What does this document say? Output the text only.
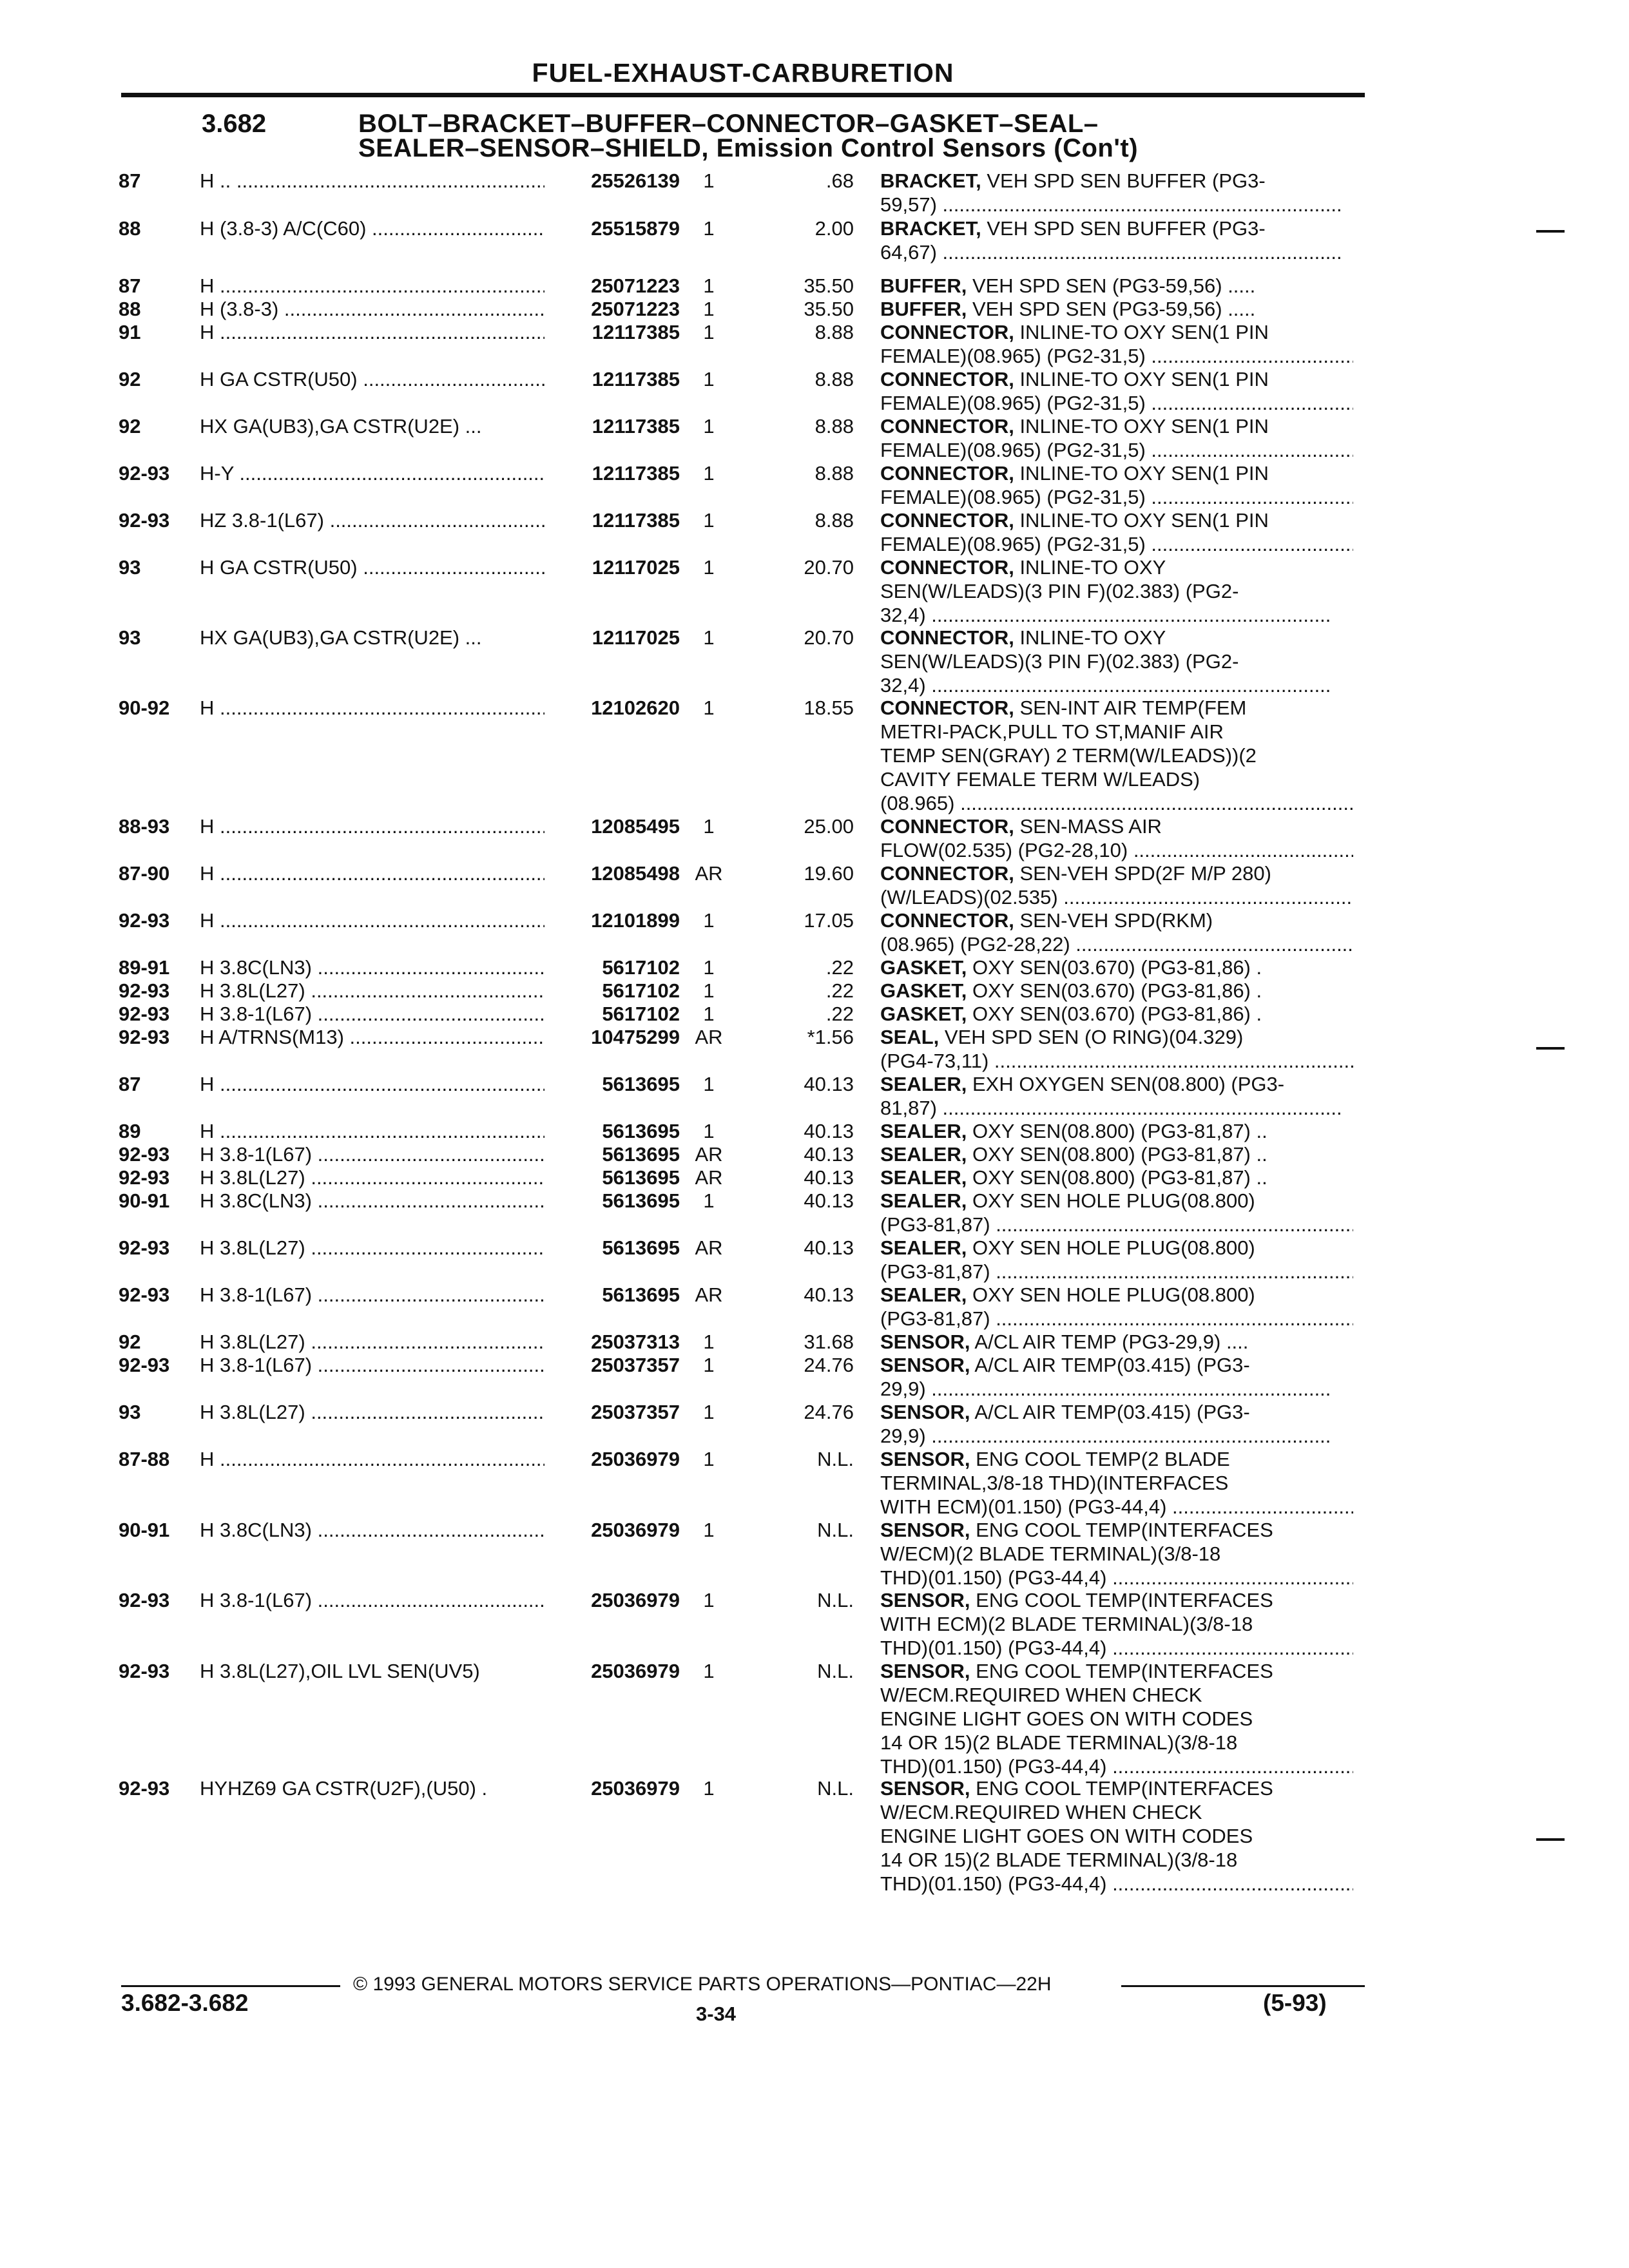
FUEL-EXHAUST-CARBURETION
3.682	BOLT–BRACKET–BUFFER–CONNECTOR–GASKET–SEAL–
SEALER–SENSOR–SHIELD, Emission Control Sensors (Con't)
87	H .. .....	25526139	1	.68 BRACKET, VEH SPD SEN BUFFER (PG3-
59,57) .....
88	H (3.8-3) A/C(C60) .....	25515879	1	2.00 BRACKET, VEH SPD SEN BUFFER (PG3-
64,67) .....
87	H .....	25071223	1	35.50 BUFFER, VEH SPD SEN (PG3-59,56) .....
88	H (3.8-3) .....	25071223	1	35.50 BUFFER, VEH SPD SEN (PG3-59,56) .....
91	H .....	12117385	1	8.88 CONNECTOR, INLINE-TO OXY SEN(1 PIN
FEMALE)(08.965) (PG2-31,5) .....
92	H GA CSTR(U50) .....	12117385	1	8.88 CONNECTOR, INLINE-TO OXY SEN(1 PIN
FEMALE)(08.965) (PG2-31,5) .....
92	HX GA(UB3),GA CSTR(U2E) ...	12117385	1	8.88 CONNECTOR, INLINE-TO OXY SEN(1 PIN
FEMALE)(08.965) (PG2-31,5) .....
92-93 H-Y .....	12117385	1	8.88 CONNECTOR, INLINE-TO OXY SEN(1 PIN
FEMALE)(08.965) (PG2-31,5) .....
92-93 HZ 3.8-1(L67) .....	12117385	1	8.88 CONNECTOR, INLINE-TO OXY SEN(1 PIN
FEMALE)(08.965) (PG2-31,5) .....
93	H GA CSTR(U50) .....	12117025	1	20.70 CONNECTOR, INLINE-TO OXY
SEN(W/LEADS)(3 PIN F)(02.383) (PG2-
32,4) .....
93	HX GA(UB3),GA CSTR(U2E) ...	12117025	1	20.70 CONNECTOR, INLINE-TO OXY
SEN(W/LEADS)(3 PIN F)(02.383) (PG2-
32,4) .....
90-92 H .....	12102620	1	18.55 CONNECTOR, SEN-INT AIR TEMP(FEM
METRI-PACK,PULL TO ST,MANIF AIR
TEMP SEN(GRAY) 2 TERM(W/LEADS))(2
CAVITY FEMALE TERM W/LEADS)
(08.965) .....
88-93 H .....	12085495	1	25.00 CONNECTOR, SEN-MASS AIR
FLOW(02.535) (PG2-28,10) .....
87-90 H .....	12085498 AR	19.60 CONNECTOR, SEN-VEH SPD(2F M/P 280)
(W/LEADS)(02.535) .....
92-93 H .....	12101899	1	17.05 CONNECTOR, SEN-VEH SPD(RKM)
(08.965) (PG2-28,22) .....
89-91 H 3.8C(LN3) .....	5617102	1	.22 GASKET, OXY SEN(03.670) (PG3-81,86) .
92-93 H 3.8L(L27) .....	5617102	1	.22 GASKET, OXY SEN(03.670) (PG3-81,86) .
92-93 H 3.8-1(L67) .....	5617102	1	.22 GASKET, OXY SEN(03.670) (PG3-81,86) .
92-93 H A/TRNS(M13) .....	10475299 AR	*1.56 SEAL, VEH SPD SEN (O RING)(04.329)
(PG4-73,11) .....
87	H .....	5613695	1	40.13 SEALER, EXH OXYGEN SEN(08.800) (PG3-
81,87) .....
89	H .....	5613695	1	40.13 SEALER, OXY SEN(08.800) (PG3-81,87) ..
92-93 H 3.8-1(L67) .....	5613695 AR	40.13 SEALER, OXY SEN(08.800) (PG3-81,87) ..
92-93 H 3.8L(L27) .....	5613695 AR	40.13 SEALER, OXY SEN(08.800) (PG3-81,87) ..
90-91 H 3.8C(LN3) .....	5613695	1	40.13 SEALER, OXY SEN HOLE PLUG(08.800)
(PG3-81,87) .....
92-93 H 3.8L(L27) .....	5613695 AR	40.13 SEALER, OXY SEN HOLE PLUG(08.800)
(PG3-81,87) .....
92-93 H 3.8-1(L67) .....	5613695 AR	40.13 SEALER, OXY SEN HOLE PLUG(08.800)
(PG3-81,87) .....
92	H 3.8L(L27) .....	25037313	1	31.68 SENSOR, A/CL AIR TEMP (PG3-29,9) ....
92-93 H 3.8-1(L67) .....	25037357	1	24.76 SENSOR, A/CL AIR TEMP(03.415) (PG3-
29,9) .....
93	H 3.8L(L27) .....	25037357	1	24.76 SENSOR, A/CL AIR TEMP(03.415) (PG3-
29,9) .....
87-88 H .....	25036979	1	N.L. SENSOR, ENG COOL TEMP(2 BLADE
TERMINAL,3/8-18 THD)(INTERFACES
WITH ECM)(01.150) (PG3-44,4) .....
90-91 H 3.8C(LN3) .....	25036979	1	N.L. SENSOR, ENG COOL TEMP(INTERFACES
W/ECM)(2 BLADE TERMINAL)(3/8-18
THD)(01.150) (PG3-44,4) .....
92-93 H 3.8-1(L67) .....	25036979	1	N.L. SENSOR, ENG COOL TEMP(INTERFACES
WITH ECM)(2 BLADE TERMINAL)(3/8-18
THD)(01.150) (PG3-44,4) .....
92-93 H 3.8L(L27),OIL LVL SEN(UV5)	25036979	1	N.L. SENSOR, ENG COOL TEMP(INTERFACES
W/ECM.REQUIRED WHEN CHECK
ENGINE LIGHT GOES ON WITH CODES
14 OR 15)(2 BLADE TERMINAL)(3/8-18
THD)(01.150) (PG3-44,4) .....
92-93 HYHZ69 GA CSTR(U2F),(U50) .	25036979	1	N.L. SENSOR, ENG COOL TEMP(INTERFACES
W/ECM.REQUIRED WHEN CHECK
ENGINE LIGHT GOES ON WITH CODES
14 OR 15)(2 BLADE TERMINAL)(3/8-18
THD)(01.150) (PG3-44,4) .....
© 1993 GENERAL MOTORS SERVICE PARTS OPERATIONS—PONTIAC—22H
3.682-3.682	3-34	(5-93)
